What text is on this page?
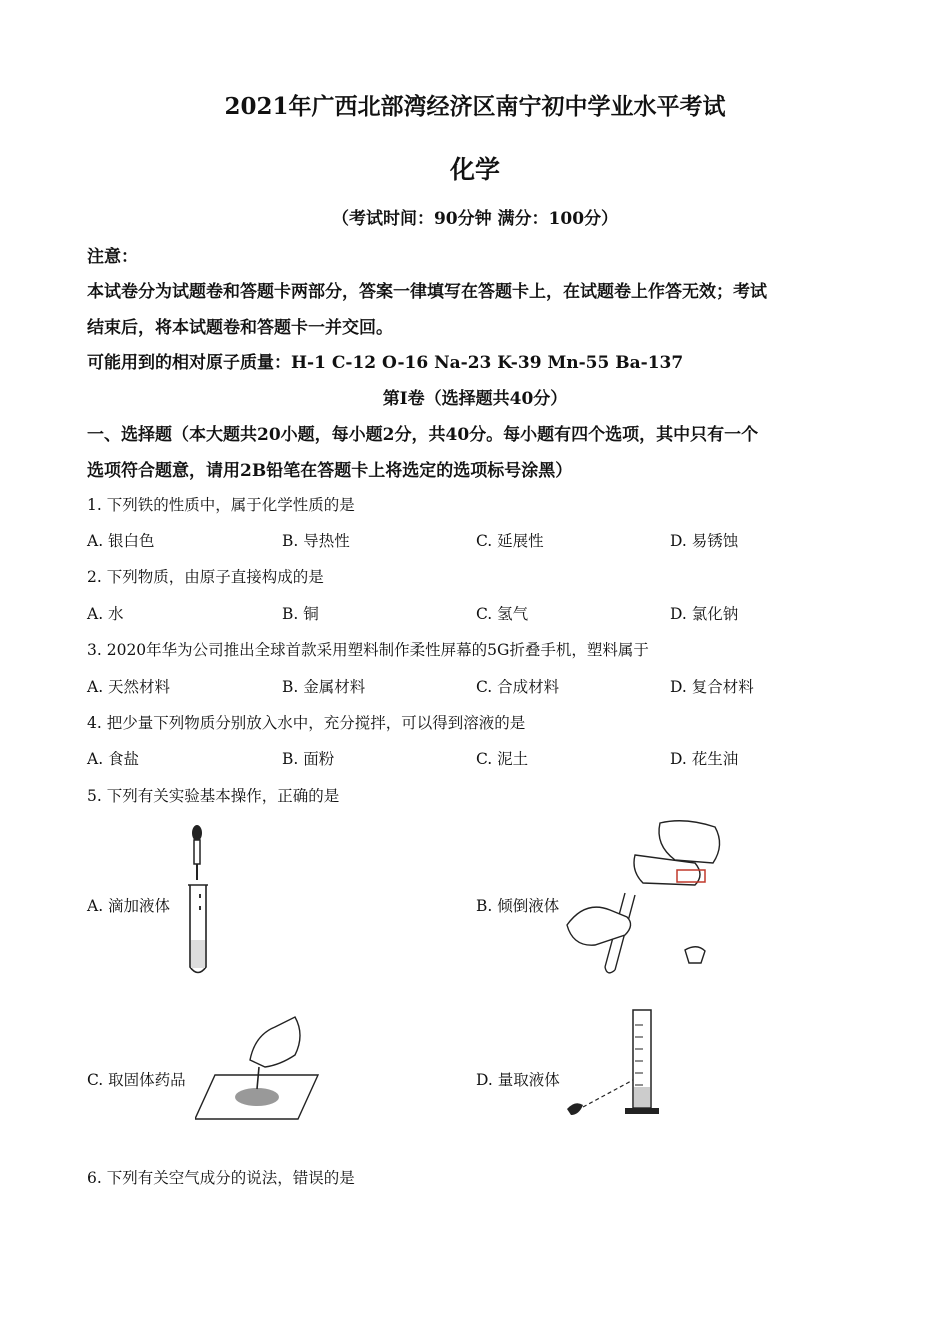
2021年广西北部湾经济区南宁初中学业水平考试
化学
（考试时间：90分钟 满分：100分）
注意：
本试卷分为试题卷和答题卡两部分，答案一律填写在答题卡上，在试题卷上作答无效；考试
结束后，将本试题卷和答题卡一并交回。
可能用到的相对原子质量：H-1 C-12 O-16 Na-23 K-39 Mn-55 Ba-137
第Ⅰ卷（选择题共40分）
一、选择题（本大题共20小题，每小题2分，共40分。每小题有四个选项，其中只有一个
选项符合题意，请用2B铅笔在答题卡上将选定的选项标号涂黑）
1. 下列铁的性质中，属于化学性质的是
A. 银白色	B. 导热性	C. 延展性	D. 易锈蚀
2. 下列物质，由原子直接构成的是
A. 水	B. 铜	C. 氢气	D. 氯化钠
3. 2020年华为公司推出全球首款采用塑料制作柔性屏幕的5G折叠手机，塑料属于
A. 天然材料	B. 金属材料	C. 合成材料	D. 复合材料
4. 把少量下列物质分别放入水中，充分搅拌，可以得到溶液的是
A. 食盐	B. 面粉	C. 泥土	D. 花生油
5. 下列有关实验基本操作，正确的是
A. 滴加液体	B. 倾倒液体
C. 取固体药品	D. 量取液体
6. 下列有关空气成分的说法，错误的是
